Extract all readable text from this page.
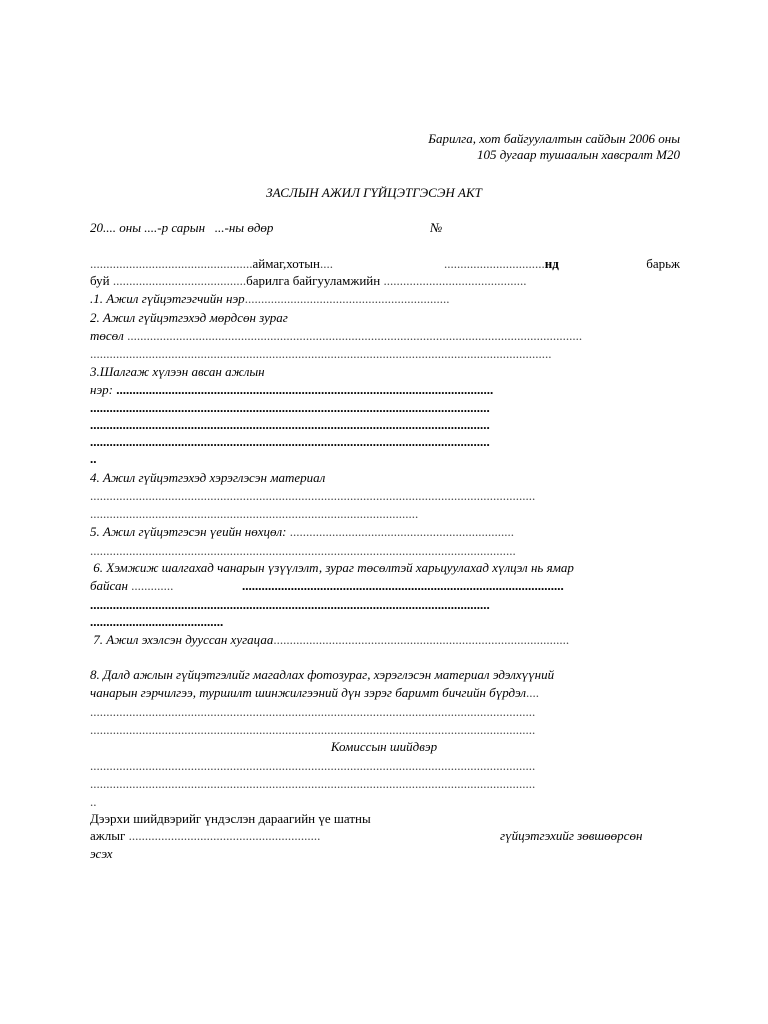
Барилга, хот байгуулалтын сайдын 2006 оны
105 дугаар тушаалын хавсралт М20
ЗАСЛЫН АЖИЛ ГҮЙЦЭТГЭСЭН АКТ
20.... оны ....-р сарын   ...-ны өдөр	№
..................................................аймаг,хотын....	...............................нд	барьж
буй .........................................барилга байгууламжийн ............................................
.1. Ажил гүйцэтгэгчийн нэр...............................................................
2. Ажил гүйцэтгэхэд мөрдсөн зураг
төсөл ............................................................................................................................................
..............................................................................................................................................
3.Шалгаж хүлээн авсан ажлын
нэр: ....................................................................................................................
...........................................................................................................................
...........................................................................................................................
...........................................................................................................................
..
4. Ажил гүйцэтгэхэд хэрэглэсэн материал
.........................................................................................................................................
.....................................................................................................
5. Ажил гүйцэтгэсэн үеийн нөхцөл: .....................................................................
...................................................................................................................................
6. Хэмжиж шалгахад чанарын үзүүлэлт, зураг төсөлтэй харьцуулахад хүлцэл нь ямар
байсан .............	...................................................................................................
...........................................................................................................................
.........................................
7. Ажил эхэлсэн дууссан хугацаа...........................................................................................
8. Далд ажлын гүйцэтгэлийг магадлах фотозураг, хэрэглэсэн материал эдэлхүүний
чанарын гэрчилгээ, туршилт шинжилгээний дүн зэрэг баримт бичгийн бүрдэл....
.........................................................................................................................................
.........................................................................................................................................
Комиссын шийдвэр
.........................................................................................................................................
.........................................................................................................................................
..
Дээрхи шийдвэрийг үндэслэн дараагийн үе шатны
ажлыг ...........................................................	гүйцэтгэхийг зөвшөөрсөн
эсэх
